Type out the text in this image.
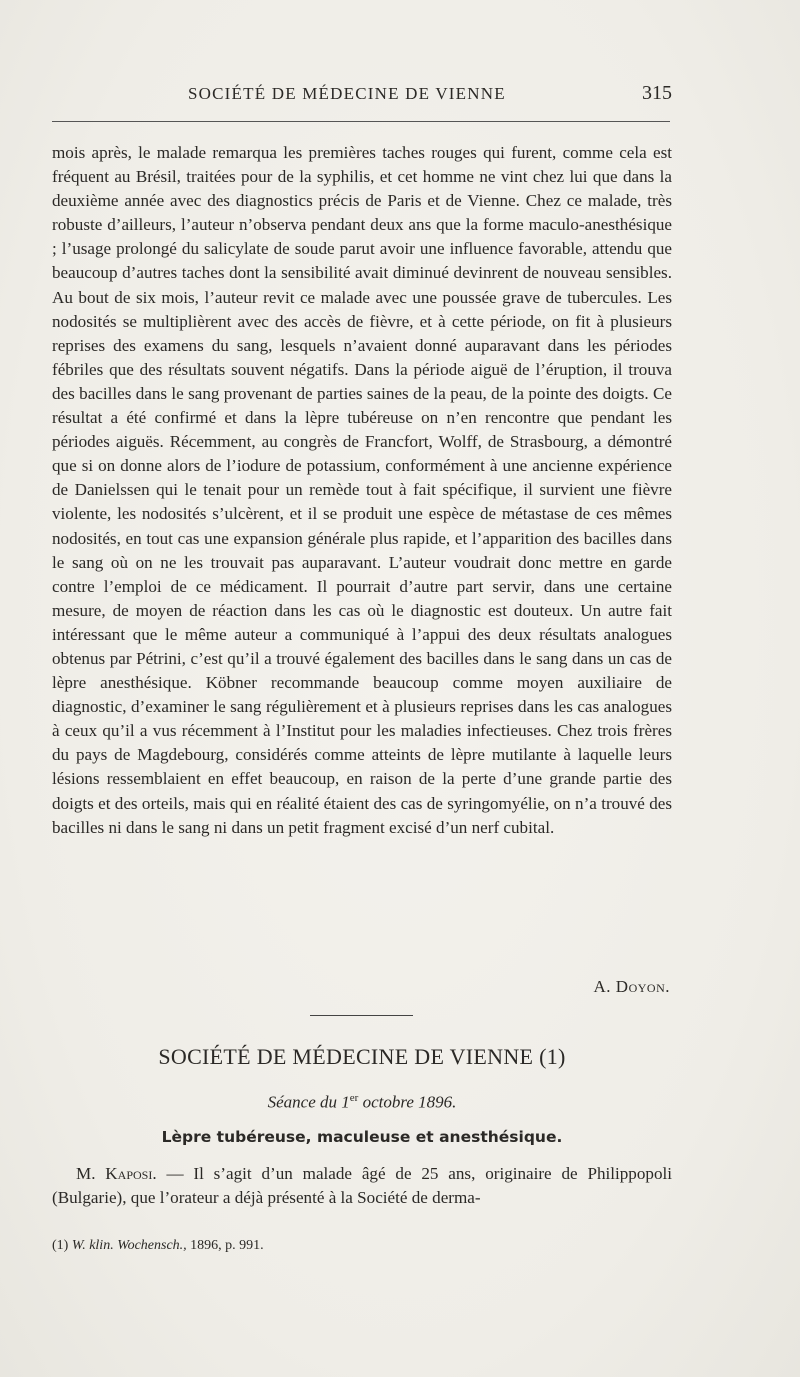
SOCIÉTÉ DE MÉDECINE DE VIENNE	315

mois après, le malade remarqua les premières taches rouges qui furent, comme cela est fréquent au Brésil, traitées pour de la syphilis, et cet homme ne vint chez lui que dans la deuxième année avec des diagnostics précis de Paris et de Vienne. Chez ce malade, très robuste d’ailleurs, l’auteur n’observa pendant deux ans que la forme maculo-anesthésique ; l’usage prolongé du salicylate de soude parut avoir une influence favorable, attendu que beaucoup d’autres taches dont la sensibilité avait diminué devinrent de nouveau sensibles. Au bout de six mois, l’auteur revit ce malade avec une poussée grave de tubercules. Les nodosités se multiplièrent avec des accès de fièvre, et à cette période, on fit à plusieurs reprises des examens du sang, lesquels n’avaient donné auparavant dans les périodes fébriles que des résultats souvent négatifs. Dans la période aiguë de l’éruption, il trouva des bacilles dans le sang provenant de parties saines de la peau, de la pointe des doigts. Ce résultat a été confirmé et dans la lèpre tubéreuse on n’en rencontre que pendant les périodes aiguës. Récemment, au congrès de Francfort, Wolff, de Strasbourg, a démontré que si on donne alors de l’iodure de potassium, conformément à une ancienne expérience de Danielssen qui le tenait pour un remède tout à fait spécifique, il survient une fièvre violente, les nodosités s’ulcèrent, et il se produit une espèce de métastase de ces mêmes nodosités, en tout cas une expansion générale plus rapide, et l’apparition des bacilles dans le sang où on ne les trouvait pas auparavant. L’auteur voudrait donc mettre en garde contre l’emploi de ce médicament. Il pourrait d’autre part servir, dans une certaine mesure, de moyen de réaction dans les cas où le diagnostic est douteux. Un autre fait intéressant que le même auteur a communiqué à l’appui des deux résultats analogues obtenus par Pétrini, c’est qu’il a trouvé également des bacilles dans le sang dans un cas de lèpre anesthésique. Köbner recommande beaucoup comme moyen auxiliaire de diagnostic, d’examiner le sang régulièrement et à plusieurs reprises dans les cas analogues à ceux qu’il a vus récemment à l’Institut pour les maladies infectieuses. Chez trois frères du pays de Magdebourg, considérés comme atteints de lèpre mutilante à laquelle leurs lésions ressemblaient en effet beaucoup, en raison de la perte d’une grande partie des doigts et des orteils, mais qui en réalité étaient des cas de syringomyélie, on n’a trouvé des bacilles ni dans le sang ni dans un petit fragment excisé d’un nerf cubital.

A. Doyon.
SOCIÉTÉ DE MÉDECINE DE VIENNE (1)
Séance du 1er octobre 1896.
Lèpre tubéreuse, maculeuse et anesthésique.

M. Kaposi. — Il s’agit d’un malade âgé de 25 ans, originaire de Philippopoli (Bulgarie), que l’orateur a déjà présenté à la Société de derma-

(1) W. klin. Wochensch., 1896, p. 991.
